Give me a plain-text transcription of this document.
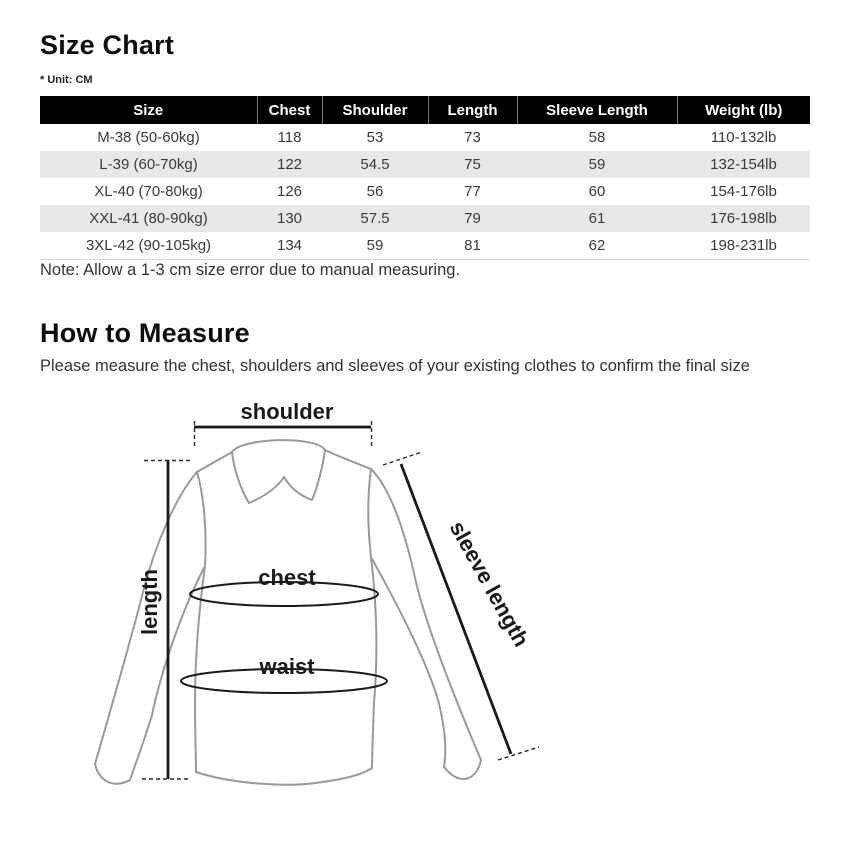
Size Chart
* Unit: CM
Size	Chest	Shoulder	Length	Sleeve Length	Weight (lb)
M-38 (50-60kg)	118	53	73	58	110-132lb
L-39 (60-70kg)	122	54.5	75	59	132-154lb
XL-40 (70-80kg)	126	56	77	60	154-176lb
XXL-41 (80-90kg)	130	57.5	79	61	176-198lb
3XL-42 (90-105kg)	134	59	81	62	198-231lb
Note: Allow a 1-3 cm size error due to manual measuring.
How to Measure
Please measure the chest, shoulders and sleeves of your existing clothes to confirm the final size
shoulder
length	sleeve length
chest
waist
